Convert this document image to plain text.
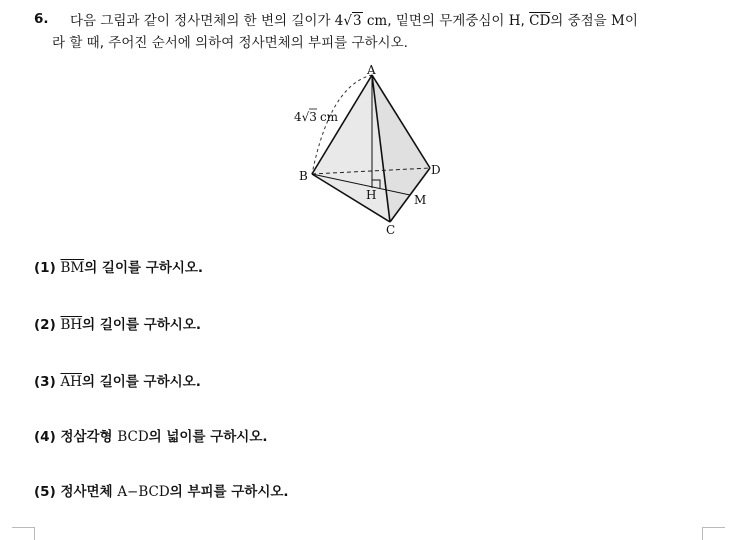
6. 다음 그림과 같이 정사면체의 한 변의 길이가 4√3 cm, 밑면의 무게중심이 H, $\overline{CD}$의 중점을 M이
라 할 때, 주어진 순서에 의하여 정사면체의 부피를 구하시오.
A
B
C
D
H	M
4√3 cm
(1) $\overline{BM}$의 길이를 구하시오.
(2) $\overline{BH}$의 길이를 구하시오.
(3) $\overline{AH}$의 길이를 구하시오.
(4) 정삼각형 BCD의 넓이를 구하시오.
(5) 정사면체 A−BCD의 부피를 구하시오.
